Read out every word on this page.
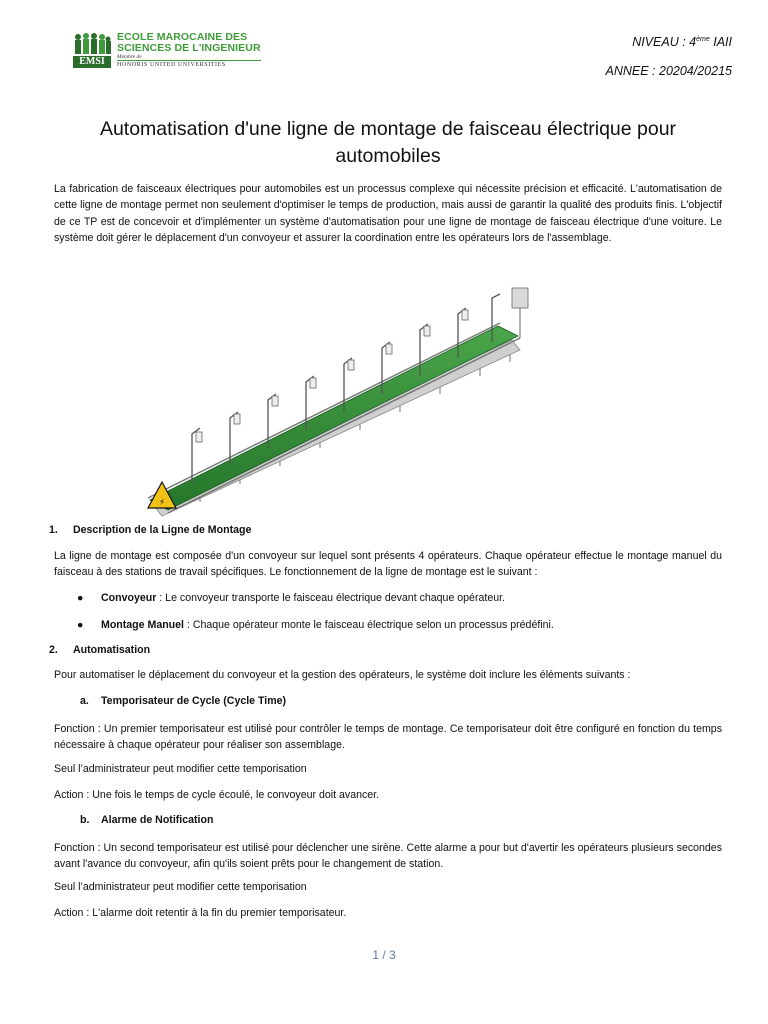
EMSI
ECOLE MAROCAINE DES
SCIENCES DE L'INGENIEUR
Membre de
HONORIS UNITED UNIVERSITIES
NIVEAU : 4ème IAII
ANNEE : 20204/20215
Automatisation d'une ligne de montage de faisceau électrique pour
automobiles

La fabrication de faisceaux électriques pour automobiles est un processus complexe qui nécessite précision et efficacité. L'automatisation de cette ligne de montage permet non seulement d'optimiser le temps de production, mais aussi de garantir la qualité des produits finis. L'objectif de ce TP est de concevoir et d'implémenter un système d'automatisation pour une ligne de montage de faisceau électrique d'une voiture. Le système doit gérer le déplacement d'un convoyeur et assurer la coordination entre les opérateurs lors de l'assemblage.

⚡
1. Description de la Ligne de Montage

La ligne de montage est composée d'un convoyeur sur lequel sont présents 4 opérateurs. Chaque opérateur effectue le montage manuel du faisceau à des stations de travail spécifiques. Le fonctionnement de la ligne de montage est le suivant :

● Convoyeur : Le convoyeur transporte le faisceau électrique devant chaque opérateur.
● Montage Manuel : Chaque opérateur monte le faisceau électrique selon un processus prédéfini.
2. Automatisation
Pour automatiser le déplacement du convoyeur et la gestion des opérateurs, le système doit inclure les éléments suivants :
a. Temporisateur de Cycle (Cycle Time)

Fonction : Un premier temporisateur est utilisé pour contrôler le temps de montage. Ce temporisateur doit être configuré en fonction du temps nécessaire à chaque opérateur pour réaliser son assemblage.

Seul l’administrateur peut modifier cette temporisation
Action : Une fois le temps de cycle écoulé, le convoyeur doit avancer.
b. Alarme de Notification

Fonction : Un second temporisateur est utilisé pour déclencher une sirène. Cette alarme a pour but d'avertir les opérateurs plusieurs secondes avant l'avance du convoyeur, afin qu'ils soient prêts pour le changement de station.

Seul l’administrateur peut modifier cette temporisation
Action : L'alarme doit retentir à la fin du premier temporisateur.
1 / 3
